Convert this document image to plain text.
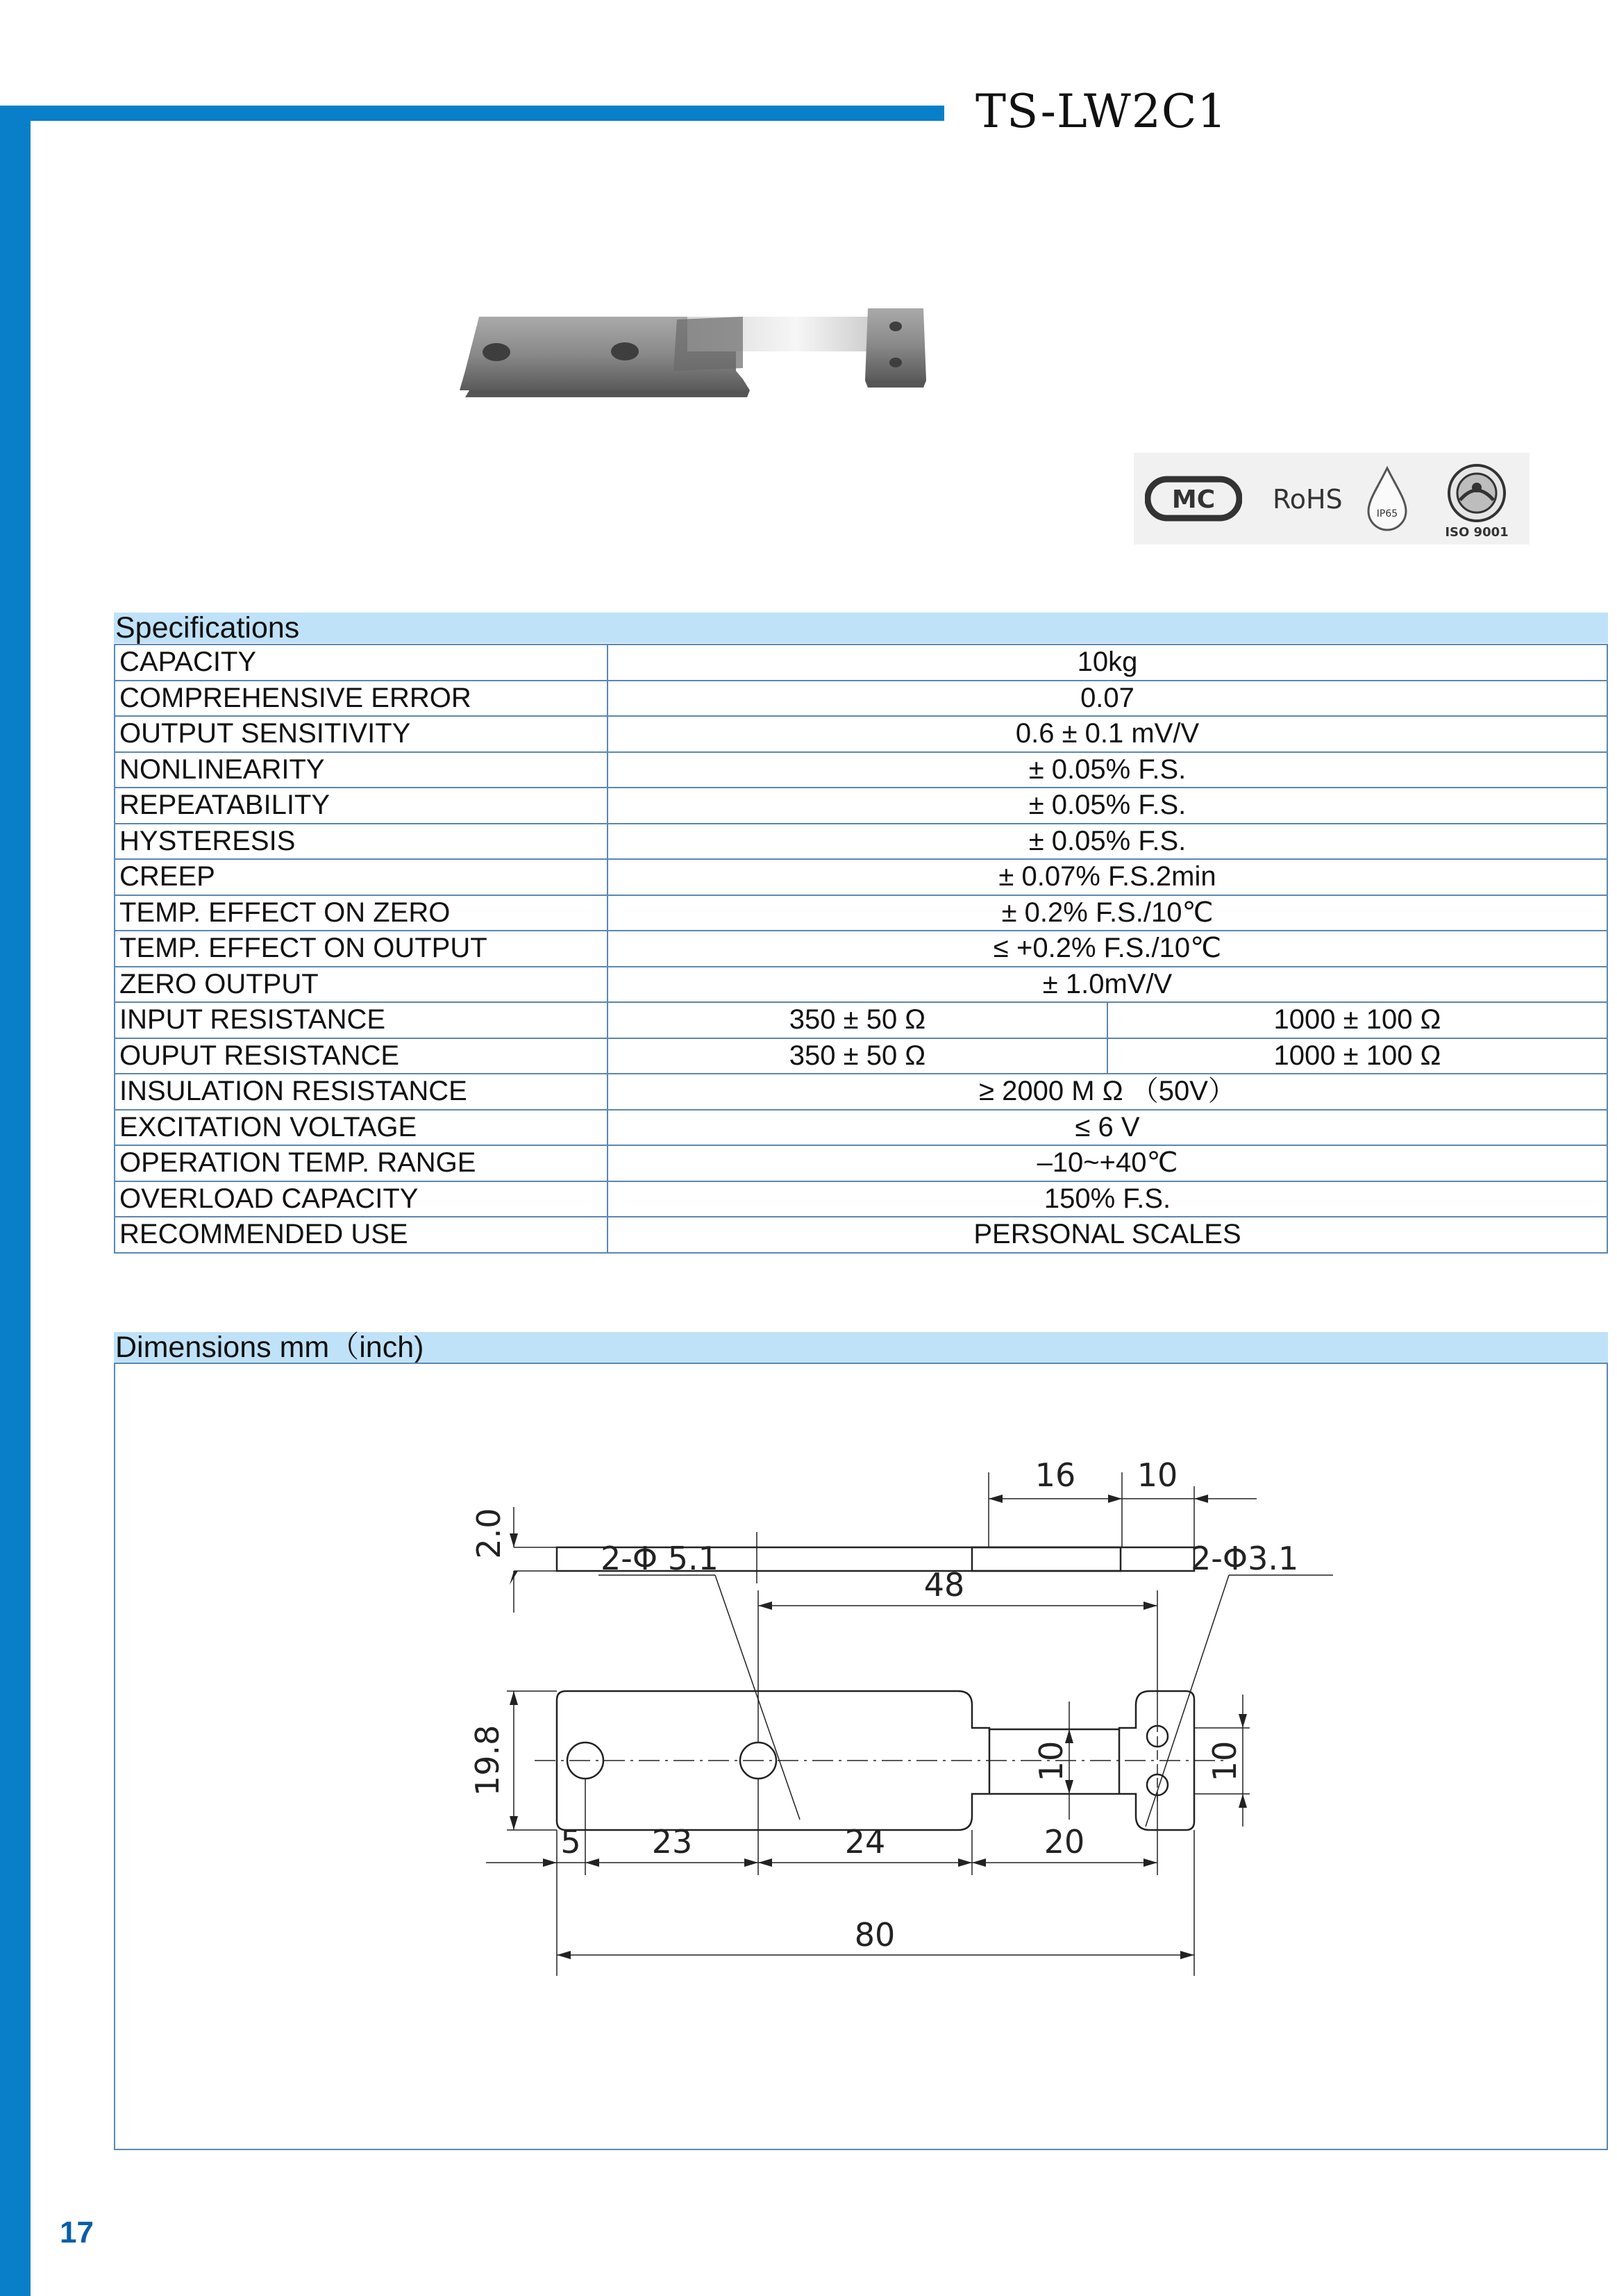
TS-LW2C1
MC RoHS	IP65
ISO 9001
Specifications
CAPACITY	10kg	
COMPREHENSIVE ERROR	0.07	
OUTPUT SENSITIVITY	0.6 ± 0.1 mV/V	
NONLINEARITY	± 0.05% F.S.	
REPEATABILITY	± 0.05% F.S.	
HYSTERESIS	± 0.05% F.S.	
CREEP	± 0.07% F.S.2min	
TEMP. EFFECT ON ZERO	± 0.2% F.S./10℃	
TEMP. EFFECT ON OUTPUT	≤ +0.2% F.S./10℃	
ZERO OUTPUT	± 1.0mV/V	
INPUT RESISTANCE	350 ± 50 Ω	1000 ± 100 Ω
OUPUT RESISTANCE	350 ± 50 Ω	1000 ± 100 Ω
INSULATION RESISTANCE	≥ 2000 M Ω （50V）	
EXCITATION VOLTAGE	≤ 6 V	
OPERATION TEMP. RANGE	–10~+40℃	
OVERLOAD CAPACITY	150% F.S.	
RECOMMENDED USE	PERSONAL SCALES	
Dimensions mm（inch)
2.0
16 10
2-Φ 5.1
48
2-Φ3.1
19.8	10	10
5 23	24	20
80
17
